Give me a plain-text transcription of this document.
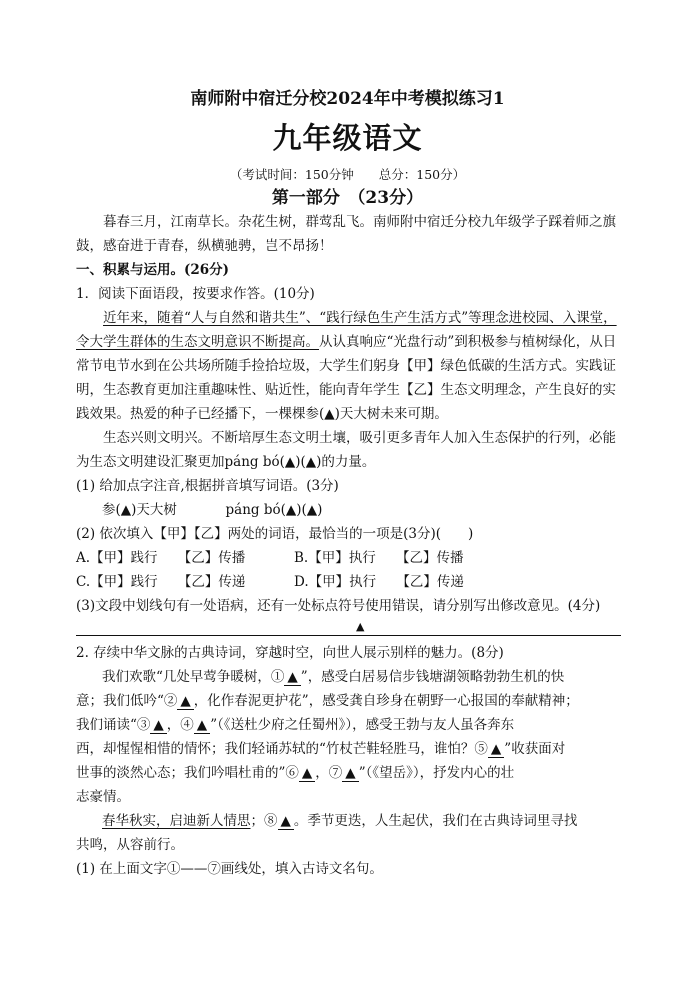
南师附中宿迁分校2024年中考模拟练习1
九年级语文
（考试时间：150分钟　　总分：150分）
第一部分　（23分）
暮春三月，江南草长。杂花生树，群莺乱飞。南师附中宿迁分校九年级学子踩着师之旗鼓，感奋进于青春，纵横驰骋，岂不昂扬！
一、积累与运用。(26分)
1．阅读下面语段，按要求作答。(10分)
近年来，随着“人与自然和谐共生”、“践行绿色生产生活方式”等理念进校园、入课堂，令大学生群体的生态文明意识不断提高。从认真响应“光盘行动”到积极参与植树绿化，从日常节电节水到在公共场所随手捡拾垃圾，大学生们躬身【甲】绿色低碳的生活方式。实践证明，生态教育更加注重趣味性、贴近性，能向青年学生【乙】生态文明理念，产生良好的实践效果。热爱的种子已经播下，一棵棵参(▲)天大树未来可期。
生态兴则文明兴。不断培厚生态文明土壤，吸引更多青年人加入生态保护的行列，必能为生态文明建设汇聚更加páng bó(▲)(▲)的力量。
(1) 给加点字注音,根据拼音填写词语。(3分)
参(▲)天大树	páng bó(▲)(▲)
(2) 依次填入【甲】【乙】两处的词语，最恰当的一项是(3分)(　　)
A.【甲】践行　　 【乙】传播	B.【甲】执行　　 【乙】传播
C.【甲】践行　　 【乙】传递	D.【甲】执行　　 【乙】传递
(3)文段中划线句有一处语病，还有一处标点符号使用错误，请分别写出修改意见。(4分)
▲
2. 存续中华文脉的古典诗词，穿越时空，向世人展示别样的魅力。(8分)
我们欢歌“几处早莺争暖树，① ▲ ”，感受白居易信步钱塘湖领略勃勃生机的快
意；我们低吟“② ▲ ，化作春泥更护花”，感受龚自珍身在朝野一心报国的奉献精神；
我们诵读“③ ▲ ，④ ▲ ”（《送杜少府之任蜀州》），感受王勃与友人虽各奔东
西，却惺惺相惜的情怀；我们轻诵苏轼的“竹杖芒鞋轻胜马，谁怕？⑤ ▲ ”收获面对
世事的淡然心态；我们吟唱杜甫的”⑥ ▲ ，⑦ ▲ ”（《望岳》），抒发内心的壮
志豪情。
春华秋实，启迪新人情思；⑧ ▲ 。季节更迭，人生起伏，我们在古典诗词里寻找
共鸣，从容前行。
(1) 在上面文字①——⑦画线处，填入古诗文名句。
